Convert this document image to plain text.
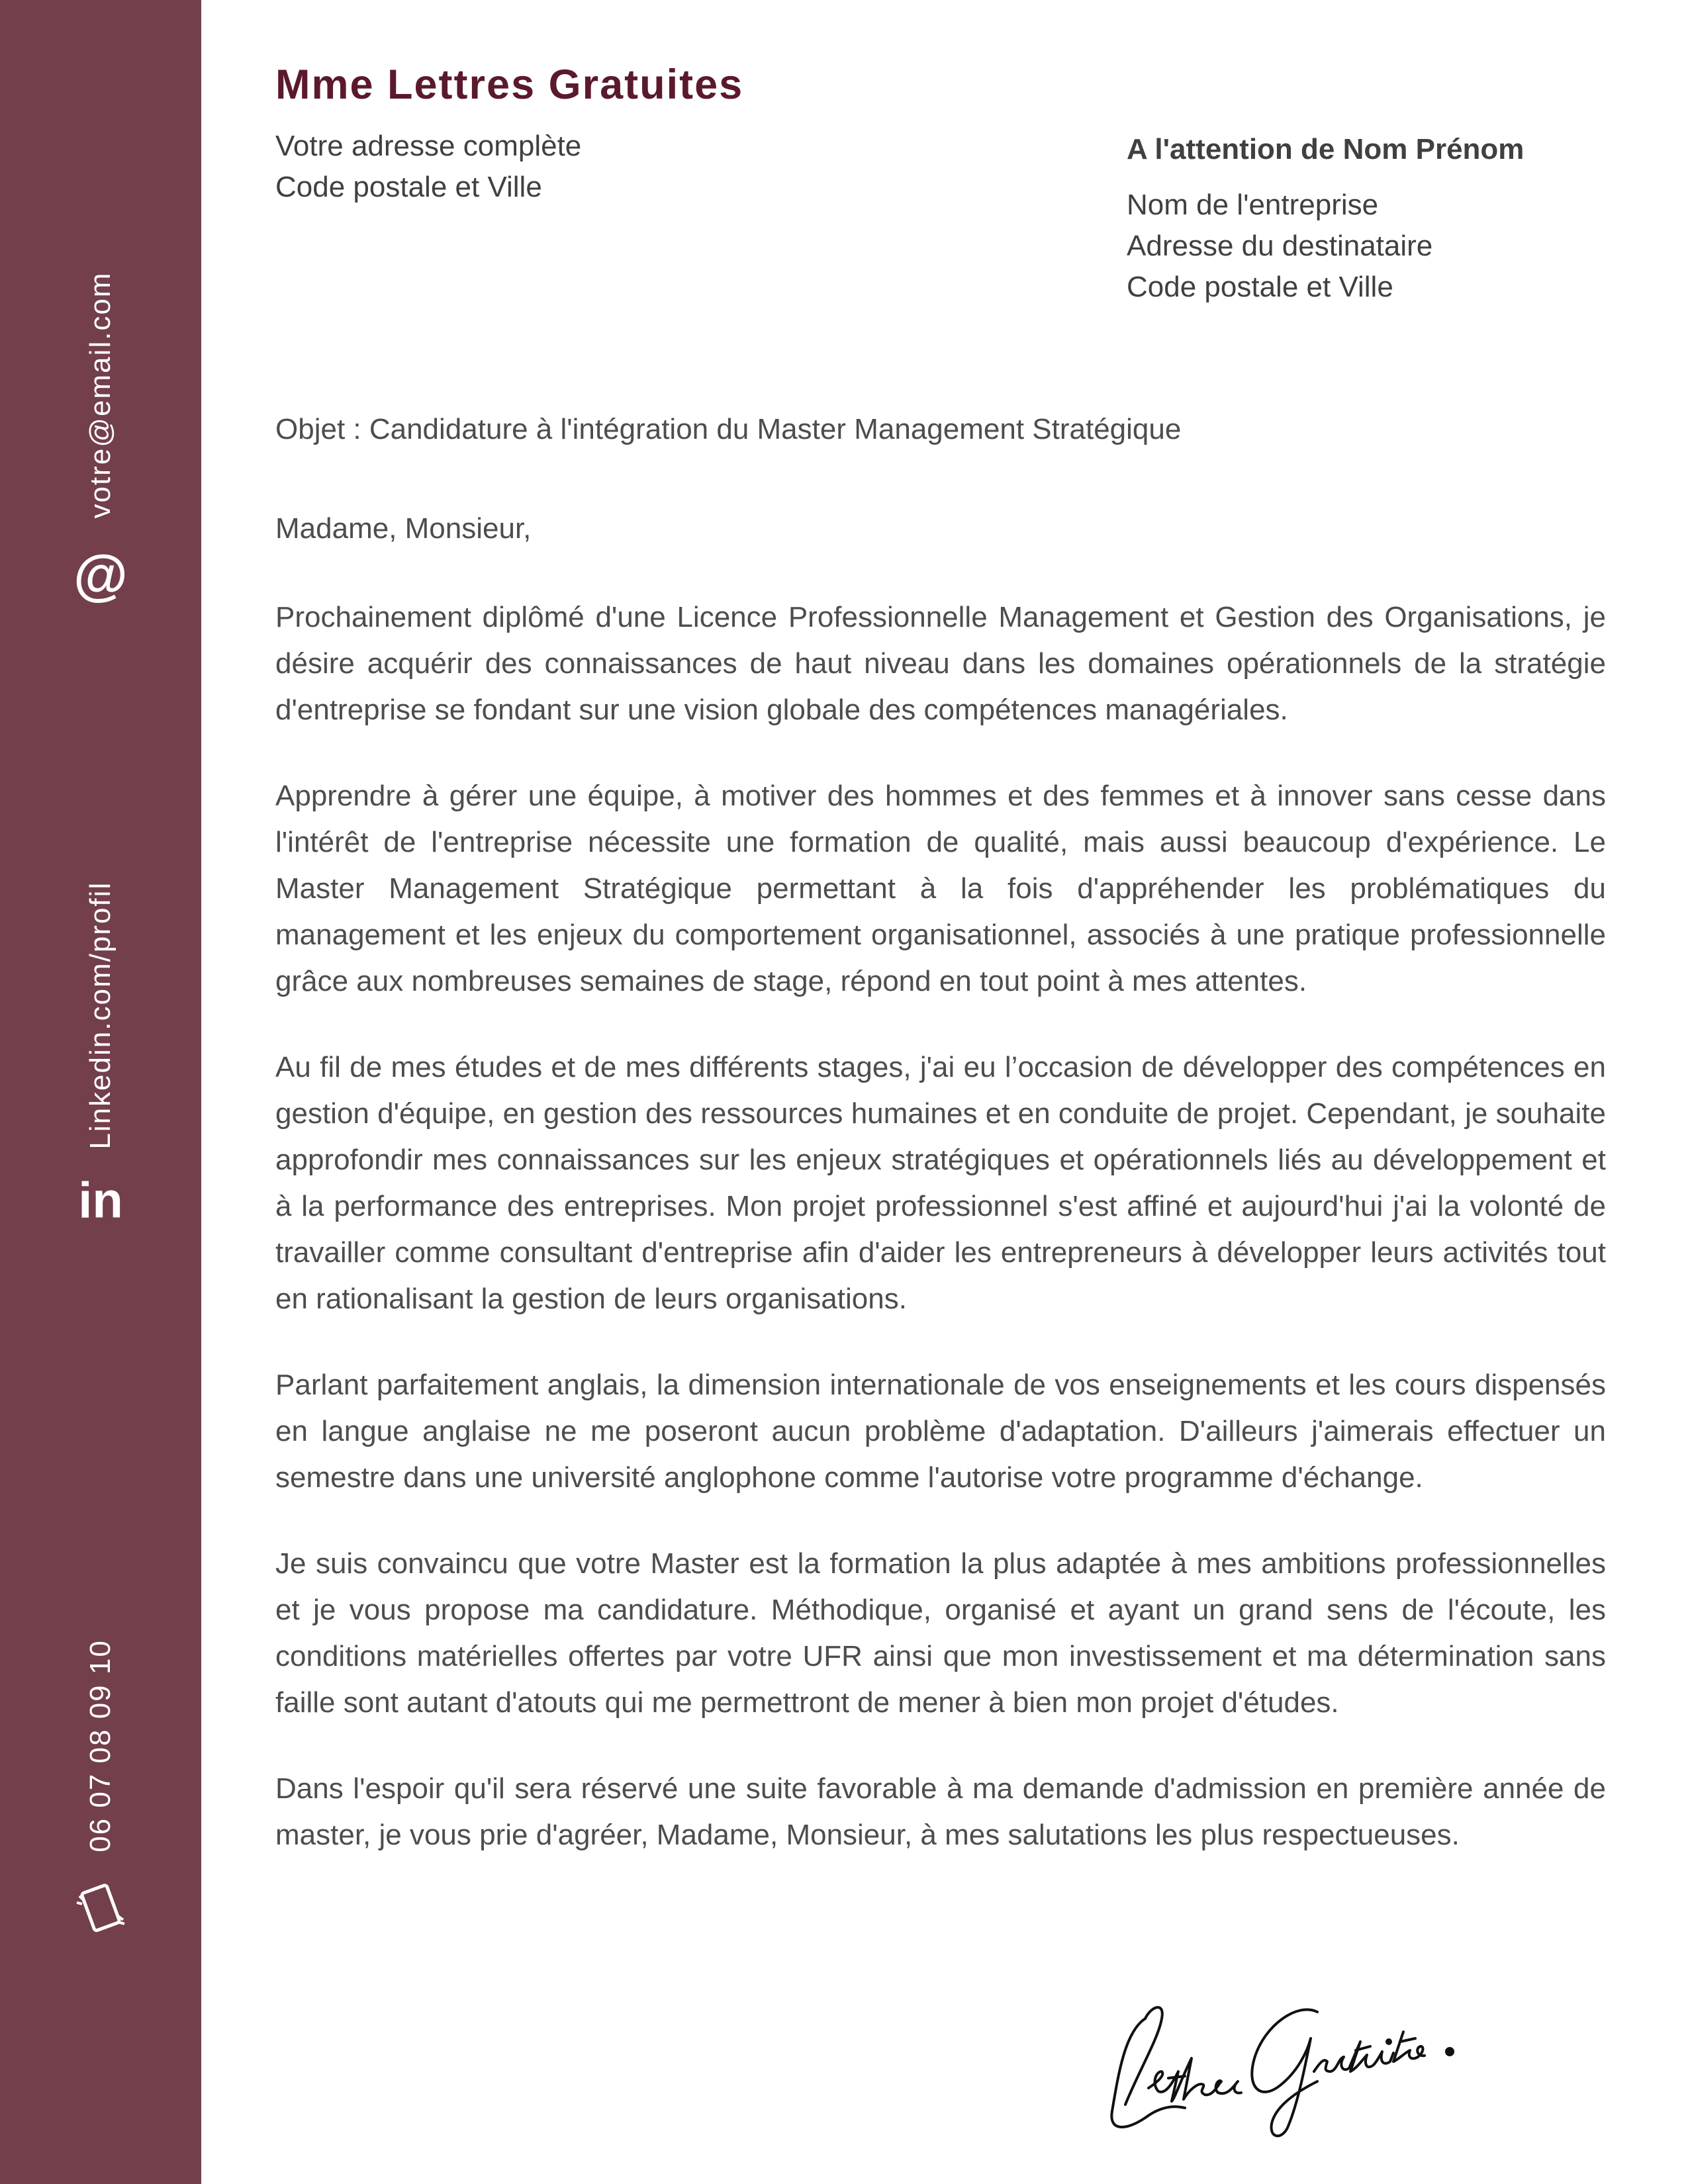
@
votre@email.com
in
Linkedin.com/profil
06 07 08 09 10
Mme Lettres Gratuites
Votre adresse complète
Code postale et Ville
A l'attention de Nom Prénom
Nom de l'entreprise
Adresse du destinataire
Code postale et Ville
Objet : Candidature à l'intégration du Master Management Stratégique
Madame, Monsieur,

Prochainement diplômé d'une Licence Professionnelle Management et Gestion des Organisations, je désire acquérir des connaissances de haut niveau dans les domaines opérationnels de la stratégie d'entreprise se fondant sur une vision globale des compétences managériales.

Apprendre à gérer une équipe, à motiver des hommes et des femmes et à innover sans cesse dans l'intérêt de l'entreprise nécessite une formation de qualité, mais aussi beaucoup d'expérience. Le Master Management Stratégique permettant à la fois d'appréhender les problématiques du management et les enjeux du comportement organisationnel, associés à une pratique professionnelle grâce aux nombreuses semaines de stage, répond en tout point à mes attentes.

Au fil de mes études et de mes différents stages, j'ai eu l’occasion de développer des compétences en gestion d'équipe, en gestion des ressources humaines et en conduite de projet. Cependant, je souhaite approfondir mes connaissances sur les enjeux stratégiques et opérationnels liés au développement et à la performance des entreprises. Mon projet professionnel s'est affiné et aujourd'hui j'ai la volonté de travailler comme consultant d'entreprise afin d'aider les entrepreneurs à développer leurs activités tout en rationalisant la gestion de leurs organisations.

Parlant parfaitement anglais, la dimension internationale de vos enseignements et les cours dispensés en langue anglaise ne me poseront aucun problème d'adaptation. D'ailleurs j'aimerais effectuer un semestre dans une université anglophone comme l'autorise votre programme d'échange.

Je suis convaincu que votre Master est la formation la plus adaptée à mes ambitions professionnelles et je vous propose ma candidature. Méthodique, organisé et ayant un grand sens de l'écoute, les conditions matérielles offertes par votre UFR ainsi que mon investissement et ma détermination sans faille sont autant d'atouts qui me permettront de mener à bien mon projet d'études.

Dans l'espoir qu'il sera réservé une suite favorable à ma demande d'admission en première année de master, je vous prie d'agréer, Madame, Monsieur, à mes salutations les plus respectueuses.
